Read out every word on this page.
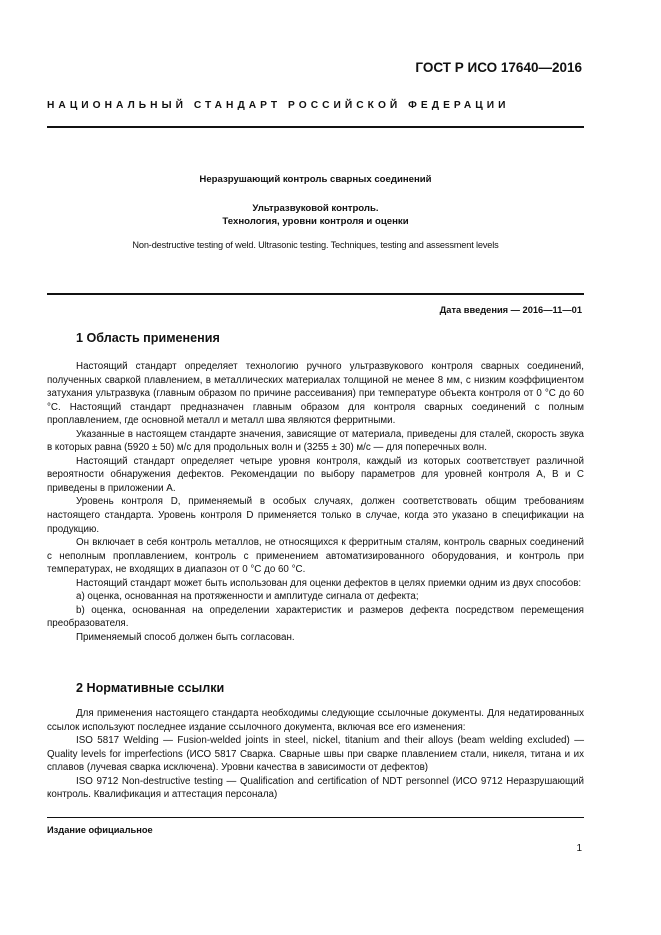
ГОСТ Р ИСО 17640—2016
НАЦИОНАЛЬНЫЙ СТАНДАРТ РОССИЙСКОЙ ФЕДЕРАЦИИ
Неразрушающий контроль сварных соединений
Ультразвуковой контроль.
Технология, уровни контроля и оценки
Non-destructive testing of weld. Ultrasonic testing. Techniques, testing and assessment levels
Дата введения — 2016—11—01
1 Область применения

Настоящий стандарт определяет технологию ручного ультразвукового контроля сварных соединений, полученных сваркой плавлением, в металлических материалах толщиной не менее 8 мм, с низким коэффициентом затухания ультразвука (главным образом по причине рассеивания) при температуре объекта контроля от 0 °С до 60 °С. Настоящий стандарт предназначен главным образом для контроля сварных соединений с полным проплавлением, где основной металл и металл шва являются ферритными.

Указанные в настоящем стандарте значения, зависящие от материала, приведены для сталей, скорость звука в которых равна (5920 ± 50) м/с для продольных волн и (3255 ± 30) м/с — для поперечных волн.

Настоящий стандарт определяет четыре уровня контроля, каждый из которых соответствует различной вероятности обнаружения дефектов. Рекомендации по выбору параметров для уровней контроля А, В и С приведены в приложении А.

Уровень контроля D, применяемый в особых случаях, должен соответствовать общим требованиям настоящего стандарта. Уровень контроля D применяется только в случае, когда это указано в спецификации на продукцию.

Он включает в себя контроль металлов, не относящихся к ферритным сталям, контроль сварных соединений с неполным проплавлением, контроль с применением автоматизированного оборудования, и контроль при температурах, не входящих в диапазон от 0 °С до 60 °С.

Настоящий стандарт может быть использован для оценки дефектов в целях приемки одним из двух способов:

a) оценка, основанная на протяженности и амплитуде сигнала от дефекта;

b) оценка, основанная на определении характеристик и размеров дефекта посредством перемещения преобразователя.

Применяемый способ должен быть согласован.

2 Нормативные ссылки

Для применения настоящего стандарта необходимы следующие ссылочные документы. Для недатированных ссылок используют последнее издание ссылочного документа, включая все его изменения:

ISO 5817 Welding — Fusion-welded joints in steel, nickel, titanium and their alloys (beam welding excluded) — Quality levels for imperfections (ИСО 5817 Сварка. Сварные швы при сварке плавлением стали, никеля, титана и их сплавов (лучевая сварка исключена). Уровни качества в зависимости от дефектов)

ISO 9712 Non-destructive testing — Qualification and certification of NDT personnel (ИСО 9712 Неразрушающий контроль. Квалификация и аттестация персонала)

Издание официальное
1
